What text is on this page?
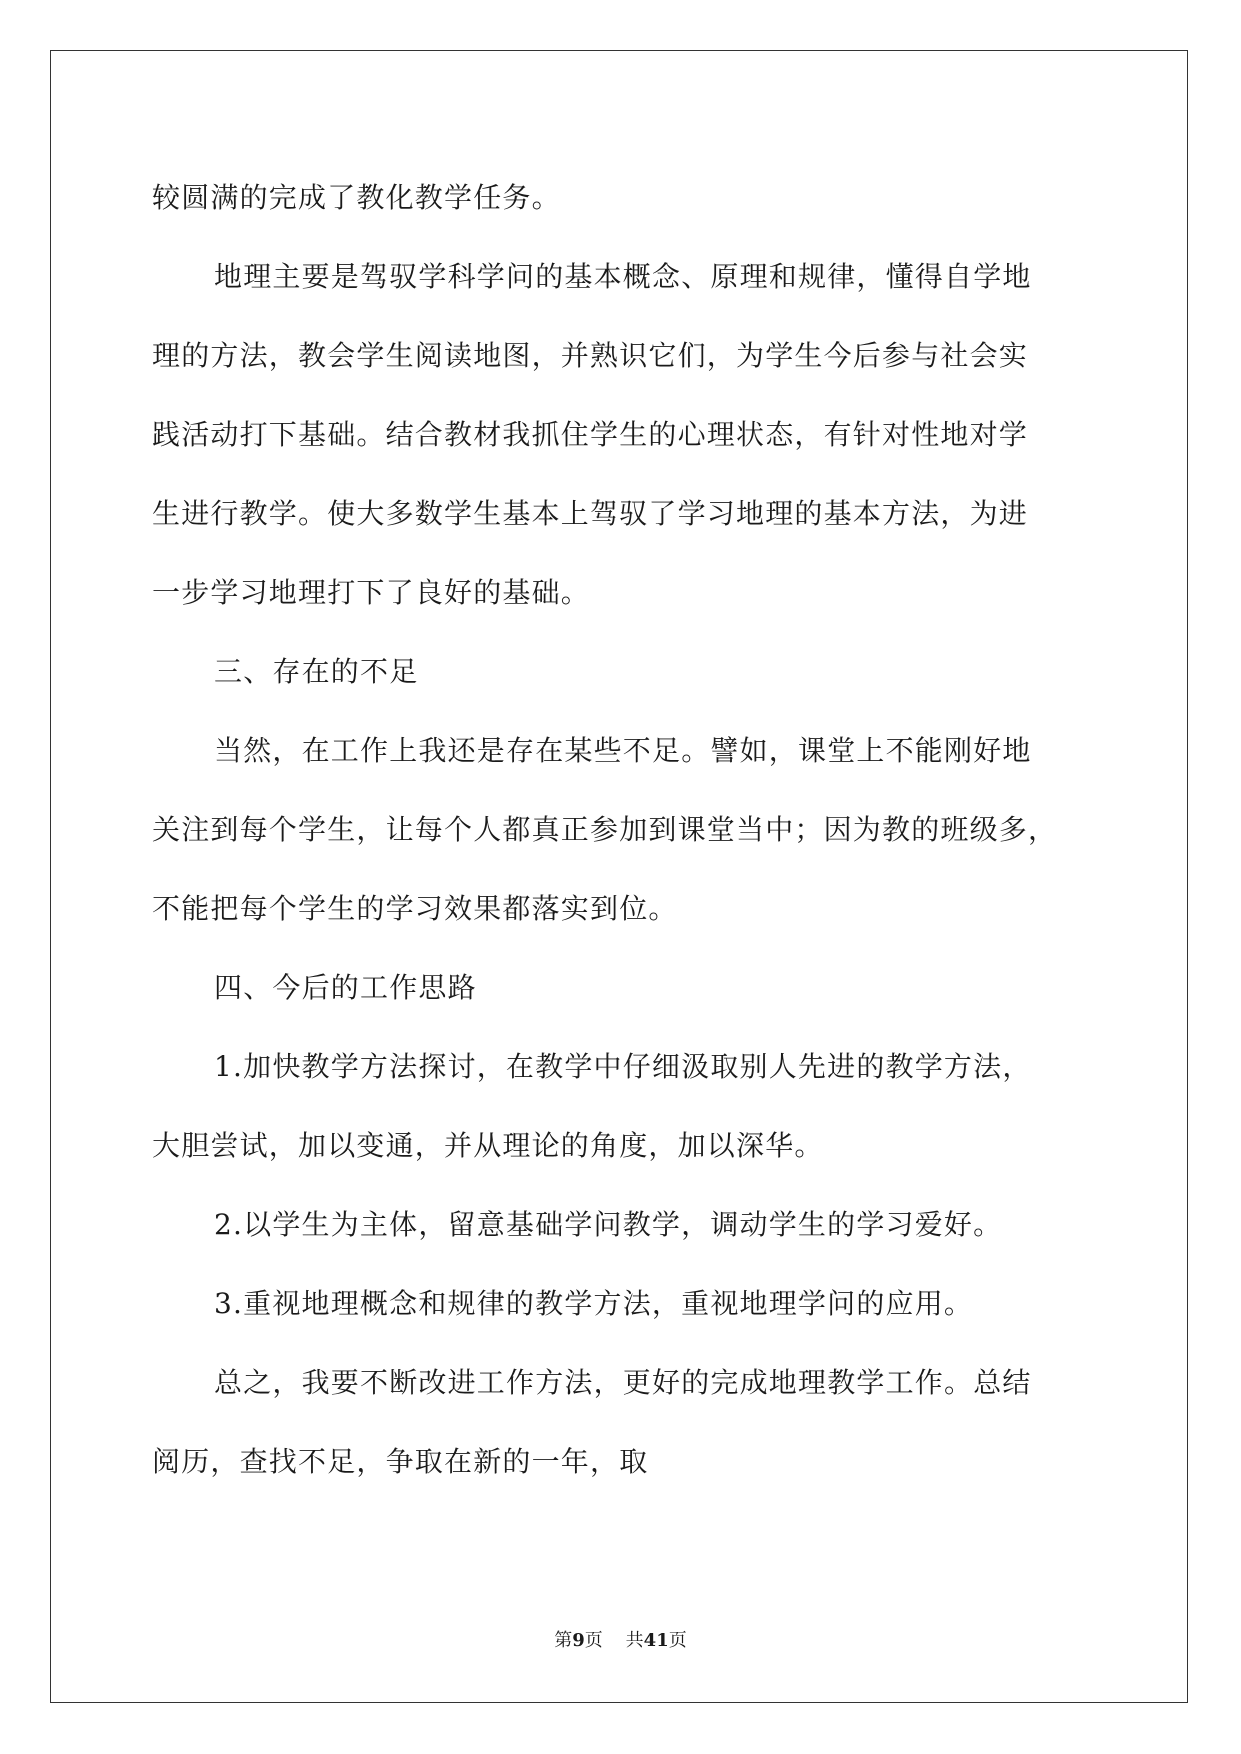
较圆满的完成了教化教学任务。
地理主要是驾驭学科学问的基本概念、原理和规律，懂得自学地
理的方法，教会学生阅读地图，并熟识它们，为学生今后参与社会实
践活动打下基础。结合教材我抓住学生的心理状态，有针对性地对学
生进行教学。使大多数学生基本上驾驭了学习地理的基本方法，为进
一步学习地理打下了良好的基础。
三、存在的不足
当然，在工作上我还是存在某些不足。譬如，课堂上不能刚好地
关注到每个学生，让每个人都真正参加到课堂当中；因为教的班级多，
不能把每个学生的学习效果都落实到位。
四、今后的工作思路
1.加快教学方法探讨，在教学中仔细汲取别人先进的教学方法，
大胆尝试，加以变通，并从理论的角度，加以深华。
2.以学生为主体，留意基础学问教学，调动学生的学习爱好。
3.重视地理概念和规律的教学方法，重视地理学问的应用。
总之，我要不断改进工作方法，更好的完成地理教学工作。总结
阅历，查找不足，争取在新的一年，取
第9页 共41页
